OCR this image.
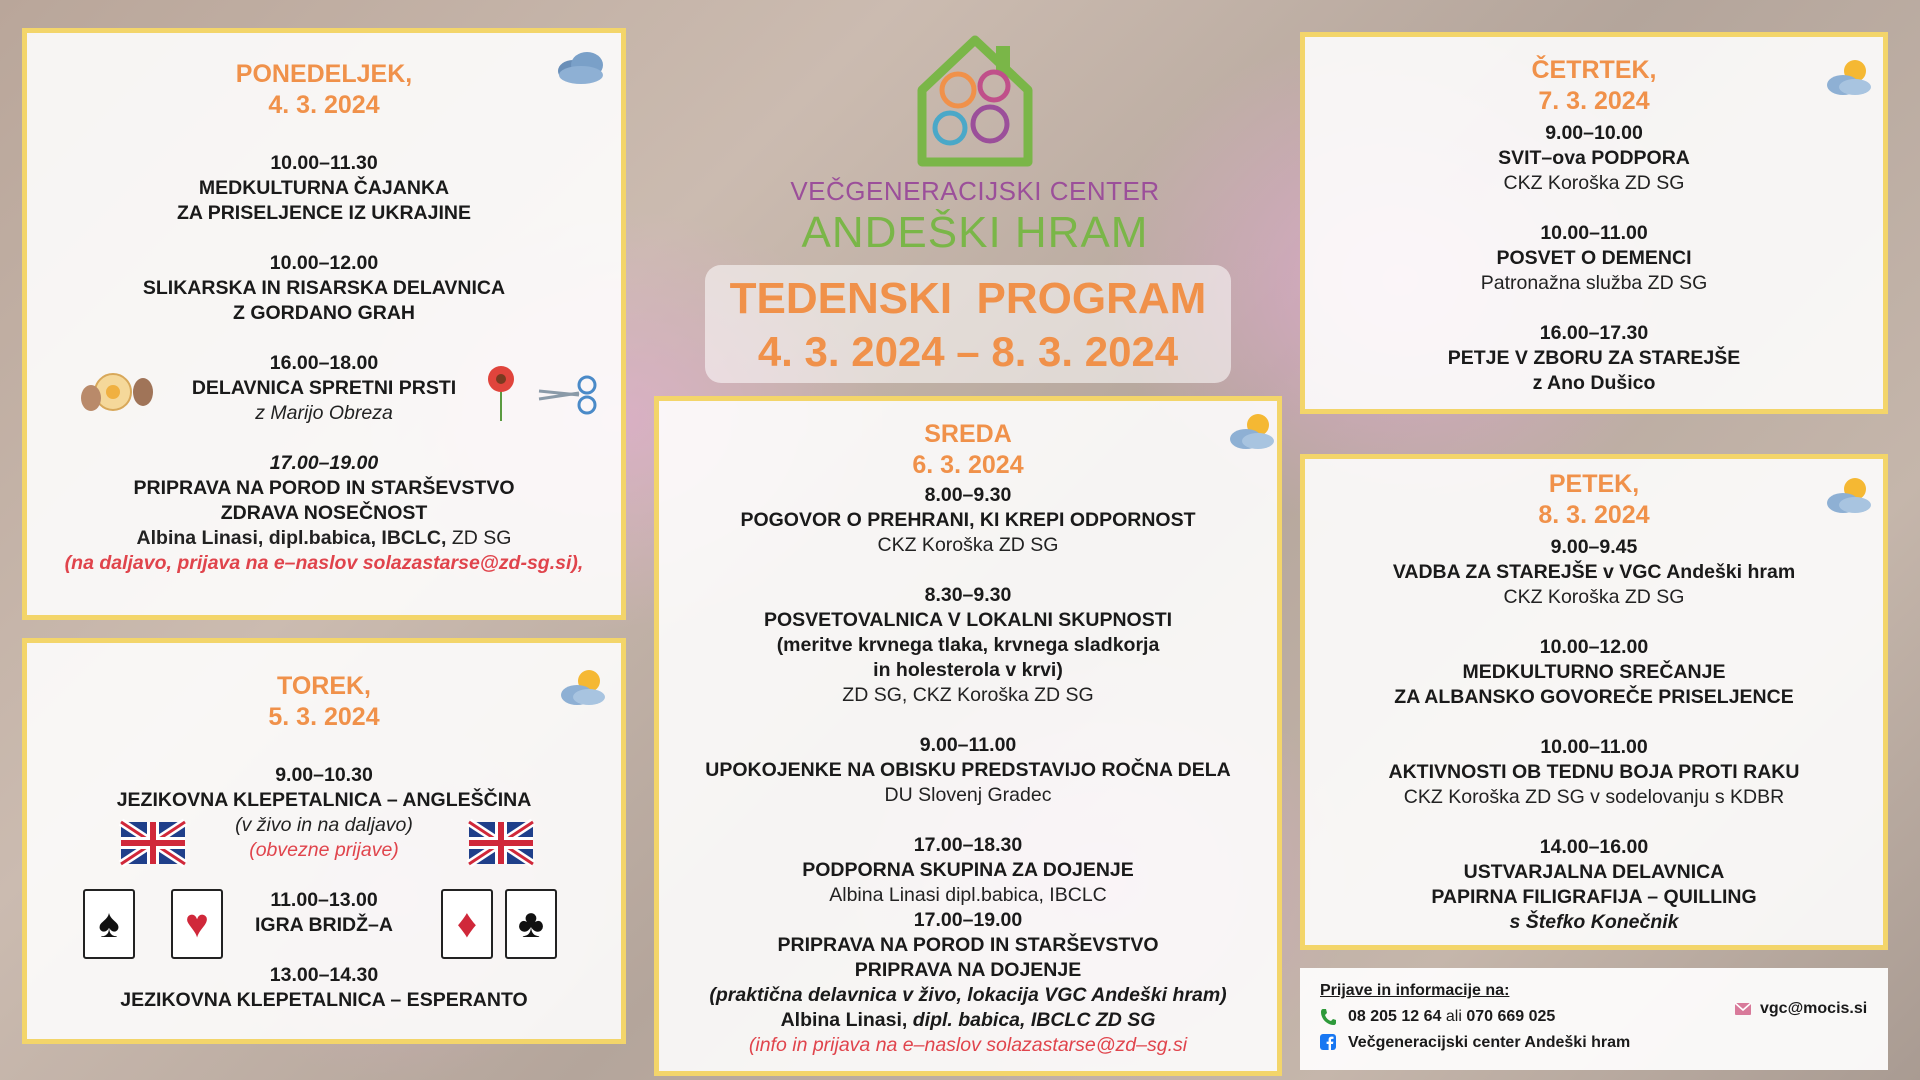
PONEDELJEK,
4. 3. 2024
10.00–11.30
MEDKULTURNA ČAJANKA
ZA PRISELJENCE IZ UKRAJINE
10.00–12.00
SLIKARSKA IN RISARSKA DELAVNICA
Z GORDANO GRAH
16.00–18.00
DELAVNICA SPRETNI PRSTI
z Marijo Obreza
17.00–19.00
PRIPRAVA NA POROD IN STARŠEVSTVO
ZDRAVA NOSEČNOST
Albina Linasi, dipl.babica, IBCLC, ZD SG
(na daljavo, prijava na e–naslov solazastarse@zd-sg.si),
TOREK,
5. 3. 2024
9.00–10.30
JEZIKOVNA KLEPETALNICA – ANGLEŠČINA
(v živo in na daljavo)
(obvezne prijave)
11.00–13.00
IGRA BRIDŽ–A
13.00–14.30
JEZIKOVNA KLEPETALNICA – ESPERANTO
♠	♥	♦	♣
VEČGENERACIJSKI CENTER
ANDEŠKI HRAM
TEDENSKI  PROGRAM
4. 3. 2024 – 8. 3. 2024
SREDA
6. 3. 2024
8.00–9.30
POGOVOR O PREHRANI, KI KREPI ODPORNOST
CKZ Koroška ZD SG
8.30–9.30
POSVETOVALNICA V LOKALNI SKUPNOSTI
(meritve krvnega tlaka, krvnega sladkorja
in holesterola v krvi)
ZD SG, CKZ Koroška ZD SG
9.00–11.00
UPOKOJENKE NA OBISKU PREDSTAVIJO ROČNA DELA
DU Slovenj Gradec
17.00–18.30
PODPORNA SKUPINA ZA DOJENJE
Albina Linasi dipl.babica, IBCLC
17.00–19.00
PRIPRAVA NA POROD IN STARŠEVSTVO
PRIPRAVA NA DOJENJE
(praktična delavnica v živo, lokacija VGC Andeški hram)
Albina Linasi, dipl. babica, IBCLC ZD SG
(info in prijava na e–naslov solazastarse@zd–sg.si
ČETRTEK,
7. 3. 2024
9.00–10.00
SVIT–ova PODPORA
CKZ Koroška ZD SG
10.00–11.00
POSVET O DEMENCI
Patronažna služba ZD SG
16.00–17.30
PETJE V ZBORU ZA STAREJŠE
z Ano Dušico
PETEK,
8. 3. 2024
9.00–9.45
VADBA ZA STAREJŠE v VGC Andeški hram
CKZ Koroška ZD SG
10.00–12.00
MEDKULTURNO SREČANJE
ZA ALBANSKO GOVOREČE PRISELJENCE
10.00–11.00
AKTIVNOSTI OB TEDNU BOJA PROTI RAKU
CKZ Koroška ZD SG v sodelovanju s KDBR
14.00–16.00
USTVARJALNA DELAVNICA
PAPIRNA FILIGRAFIJA – QUILLING
s Štefko Konečnik
Prijave in informacije na:
08 205 12 64 ali 070 669 025
Večgeneracijski center Andeški hram
vgc@mocis.si
